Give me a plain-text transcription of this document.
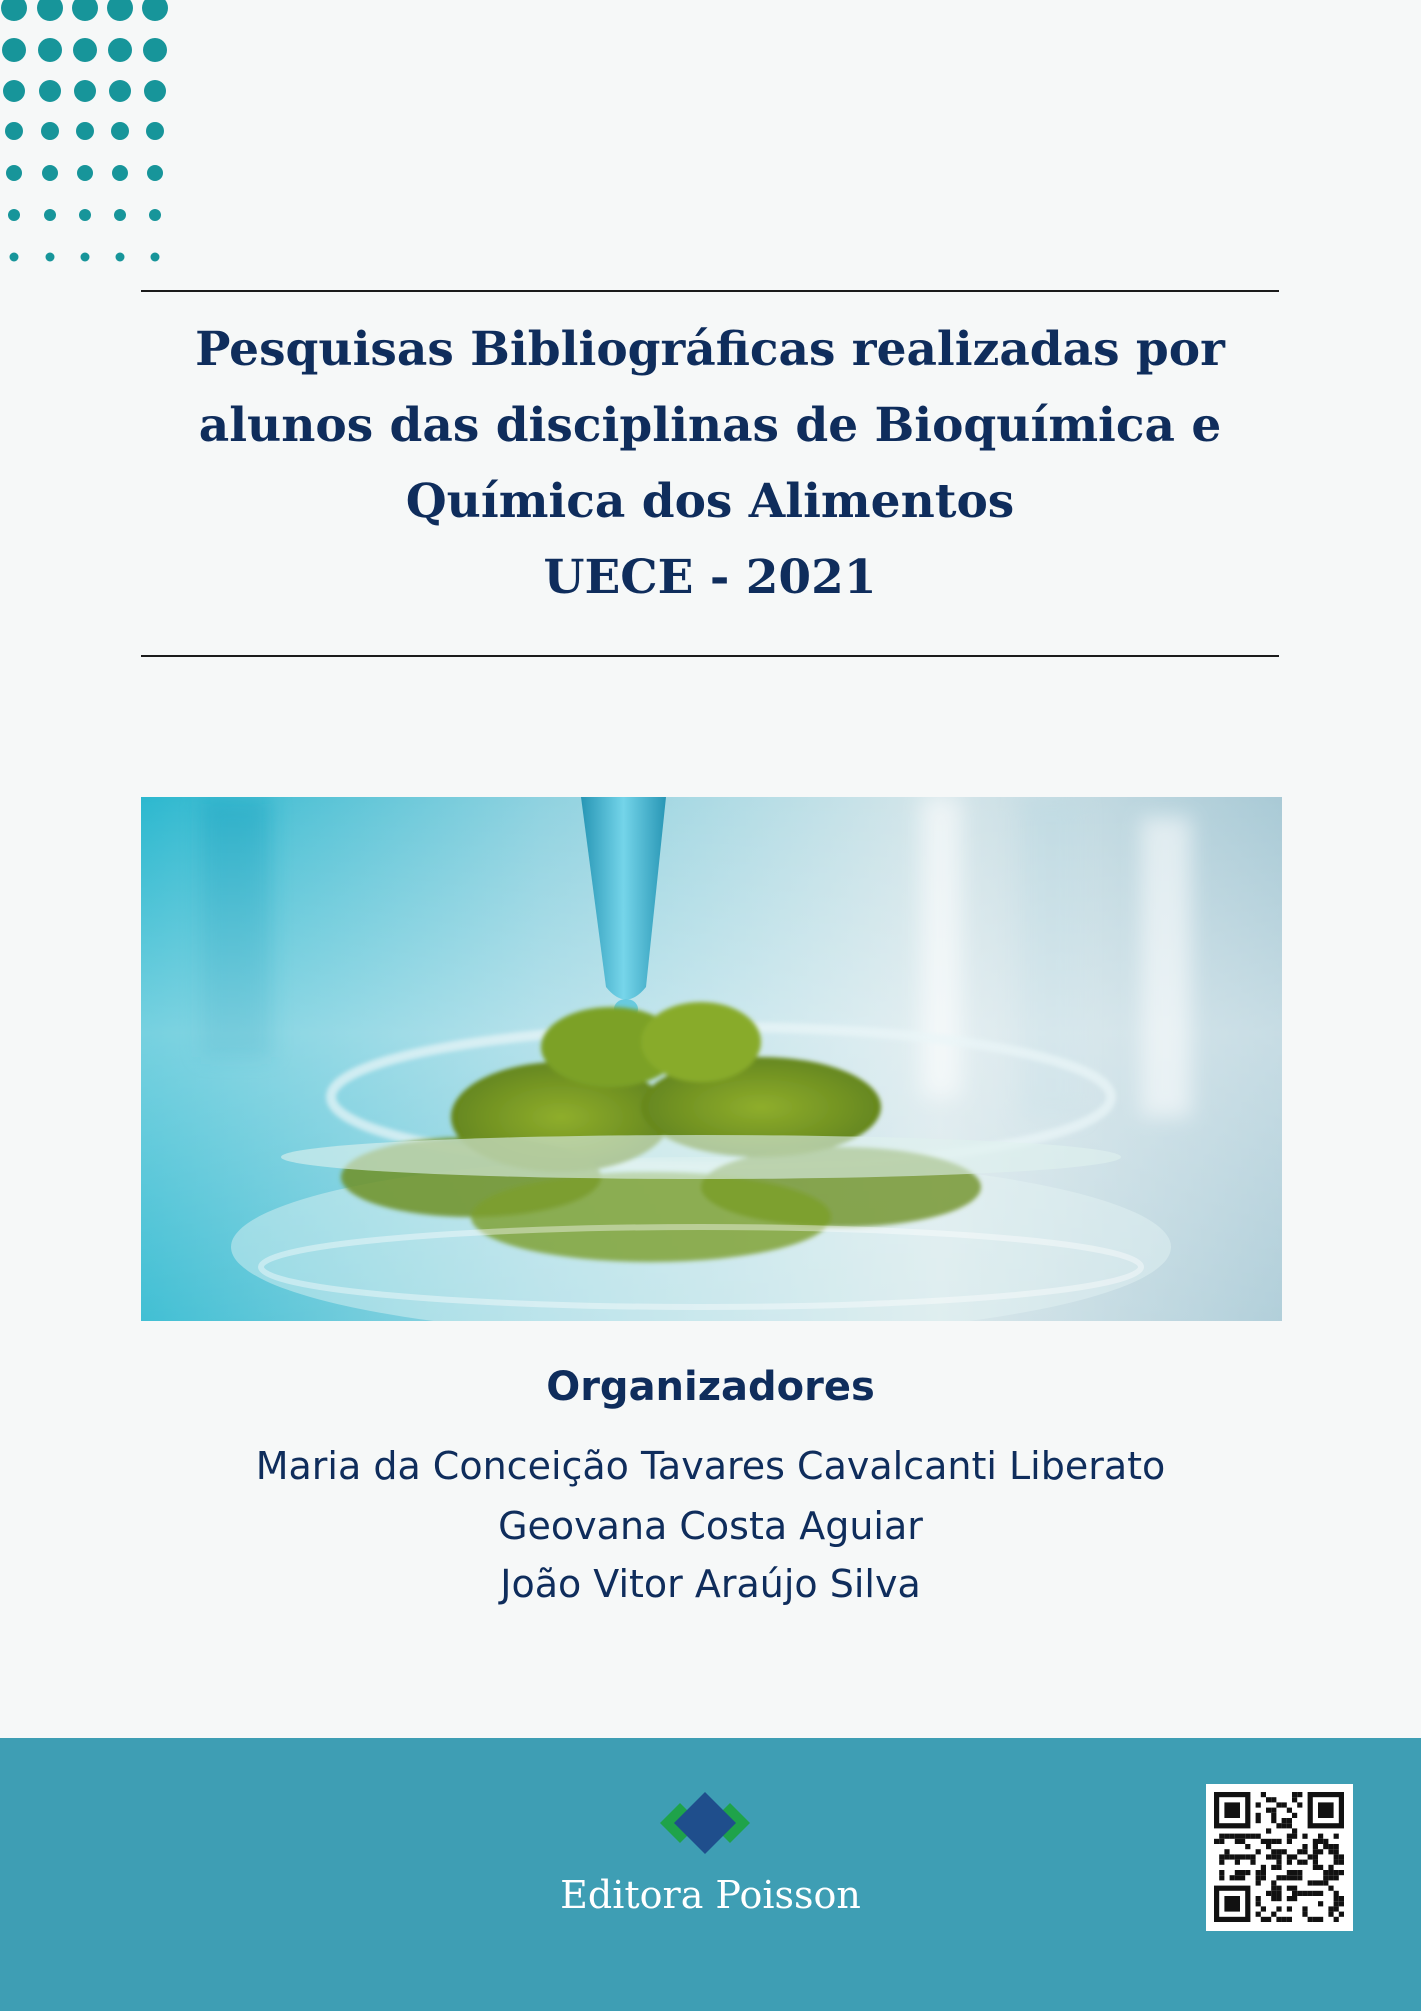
Pesquisas Bibliográficas realizadas por
alunos das disciplinas de Bioquímica e
Química dos Alimentos
UECE - 2021
Organizadores
Maria da Conceição Tavares Cavalcanti Liberato
Geovana Costa Aguiar
João Vitor Araújo Silva
Editora Poisson
